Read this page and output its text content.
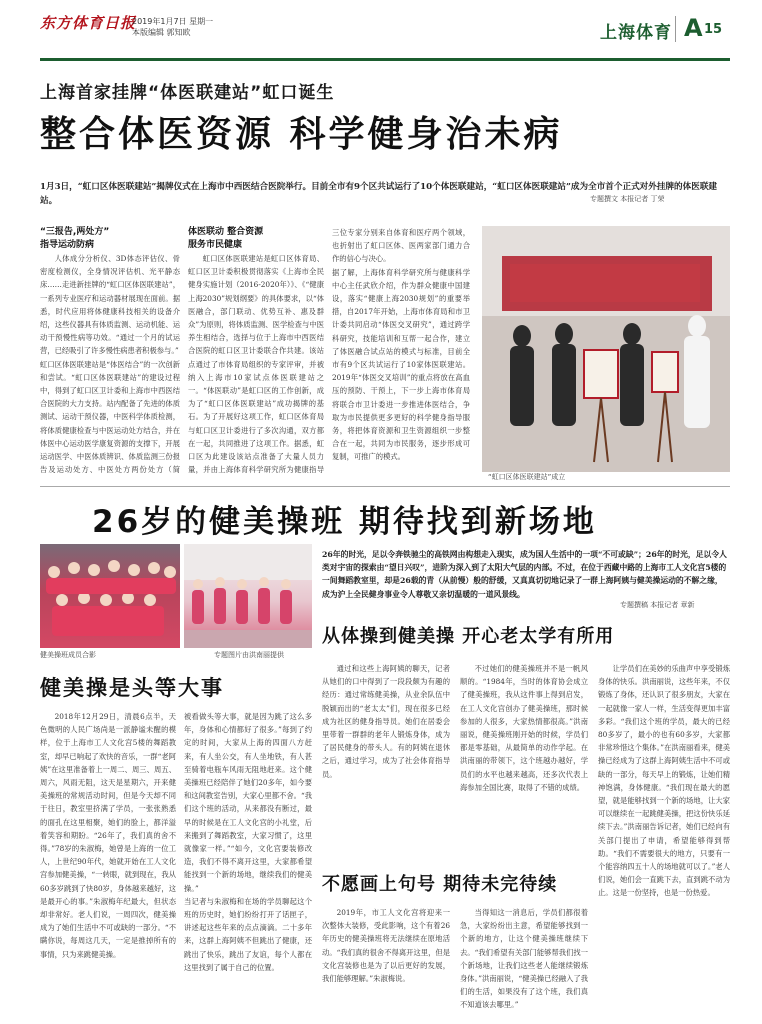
东方体育日报
2019年1月7日 星期一
本版编辑 郭知欧	上海体育 A 15
上海首家挂牌“体医联建站”虹口诞生
整合体医资源 科学健身治未病
1月3日，“虹口区体医联建站”揭牌仪式在上海市中西医结合医院举行。目前全市有9个区共试运行了10个体医联建站，“虹口区体医联建站”成为全市首个正式对外挂牌的体医联建站。	专题撰文 本报记者 丁荣
“三报告,两处方”
指导运动防病
人体成分分析仪、3D体态评估仪、骨密度检测仪，全身情况评估机、光平静态床……走进新挂牌的“虹口区体医联建站”，一系列专业医疗和运动器材展现在面前。据悉，时代应用将体健康科技相关的设备介绍，这些仪器具有体质监测、运动机能、运动干预慢性病等功效。“通过一个月的试运营，已经吸引了许多慢性病患者积极参与。”
虹口区体医联建站是“体医结合”的一次创新和尝试。“虹口区体医联建站”的建设过程中，得到了虹口区卫计委和上海市中西医结合医院的大力支持。站内配备了先进的体质测试、运动干预仪器，中医科学体质检测，将体质健康检查与中医运动处方结合，并在体医中心运动医学康复资源的支撑下，开展运动医学、中医体质辨识、体质监测三份报告及运动处方、中医处方两份处方（简
体医联动 整合资源
服务市民健康
虹口区体医联建站是虹口区体育局、虹口区卫计委积极贯彻落实《上海市全民健身实施计划（2016-2020年）》、《“健康上海2030”规划纲要》的具体要求，以“体医融合，部门联动、优势互补、惠及群众”为原则，将体质监测、医学检查与中医养生相结合，选择与位于上海市中西医结合医院的虹口区卫计委联合作共建。该站点通过了市体育局组织的专家评审，并被纳入上海市10家试点体医联建站之一。“体医联动”是虹口区的工作创新，成为了“虹口区体医联建站”成功揭牌的基石。为了开展好这项工作，虹口区体育局与虹口区卫计委进行了多次沟通，双方都在一起，共同推进了这项工作。据悉，虹口区为此建设该站点准备了大量人员力量，并由上海体育科学研究所为健康指导
三位专家分别来自体育和医疗两个领域，也折射出了虹口区体、医两家部门通力合作的信心与决心。
据了解，上海体育科学研究所与健康科学中心主任武欣介绍，作为群众健康中国建设，落实“健康上海2030规划”的重要举措，自2017年开始，上海市体育局和市卫计委共同启动“体医交叉研究”，通过跨学科研究，技能培训和互帮一起合作，建立了体医融合试点站的模式与标准，目前全市有9个区共试运行了10家体医联建站。2019年“体医交叉培训”的重点将放在高血压的预防、干预上，下一步上海市体育局将联合市卫计委进一步推进体医结合，争取为市民提供更多更好的科学健身指导服务，将把体育资源和卫生资源组织一步整合在一起，共同为市民服务，逐步形成可复制，可推广的模式。
“虹口区体医联建站”成立
26岁的健美操班 期待找到新场地
健美操班成员合影	专题图片由洪南丽提供
26年的时光，足以令奔铁驰尘的高铁网由构想走入现实，成为国人生活中的一项“不可或缺”；26年的时光，足以令人类对宇宙的探索由“望日兴叹”，进阶为深入到了太阳大气层的内部。不过，在位于西藏中路的上海市工人文化宫5楼的一间舞蹈教室里，却是26载的青（从前慢）般的舒缓，又真真切切地记录了一群上海阿姨与健美操运动的不解之缘，成为沪上全民健身事业令人尊敬又亲切温暖的一道风景线。
专题撰稿 本报记者 章新
从体操到健美操 开心老太学有所用
健美操是头等大事
2018年12月29日，清晨6点半，天色微明的人民广场尚是一派静谧未醒的模样，位于上海市工人文化宫5楼的舞蹈教室，却早已响起了欢快的音乐，一群“老阿姨”在这里准备着上一周二、周三、周五、周六，风雨无阻，这天是星期六，开来健美操班的常规活动时间，但是今天却不同于往日，教室里挤满了学员，一张张熟悉的面孔在这里相聚，她们的脸上，都洋溢着笑容和期盼。“26年了，我们真的舍不得。”78岁的朱淑梅，她曾是上海的一位工人，上世纪90年代，她就开始在工人文化宫参加健美操，“一转眼，就到现在，我从60多岁跳到了快80岁，身体越来越好，这是最开心的事。”朱淑梅年纪最大，但状态却非常好。老人们说，一周四次，健美操成为了她们生活中不可或缺的一部分。“不瞒你说，每周这几天，一定是推掉所有的事情，只为来跳健美操。
被看做头等大事，就是因为跳了这么多年，身体和心情都好了很多。”每到了约定的时间，大家从上海的四面八方赶来，有人坐公交，有人坐地铁，有人甚至骑着电瓶车风雨无阻地赶来。这个健美操班已经陪伴了她们20多年，如今要和这间教室告别，大家心里都不舍。“我们这个班的活动，从来都没有断过，最早的时候是在工人文化宫的小礼堂，后来搬到了舞蹈教室，大家习惯了，这里就像家一样。”“如今，文化宫要装修改造，我们不得不离开这里，大家都希望能找到一个新的场地，继续我们的健美操。”
当记者与朱淑梅和在场的学员聊起这个班的历史时，她们纷纷打开了话匣子，讲述起这些年来的点点滴滴。二十多年来，这群上海阿姨不但跳出了健康，还跳出了快乐，跳出了友谊，每个人都在这里找到了属于自己的位置。
通过和这些上海阿姨的聊天，记者从她们的口中得到了一段段颇为有趣的经历：通过常练健美操，从业余队伍中脱颖而出的“老太太”们，现在很多已经成为社区的健身指导员。她们在居委会里带着一群群的老年人锻炼身体，成为了居民健身的带头人。有的阿姨在退休之后，通过学习，成为了社会体育指导员。
不过她们的健美操班并不是一帆风顺的。“1984年，当时的体育协会成立了健美操班，我从这件事上得到启发，在工人文化宫创办了健美操班，那时候参加的人很多，大家热情都很高。”洪南丽说，健美操班刚开始的时候，学员们都是零基础，从最简单的动作学起。在洪南丽的带领下，这个班越办越好，学员们的水平也越来越高，还多次代表上海参加全国比赛，取得了不错的成绩。
让学员们在美妙的乐曲声中享受锻炼身体的快乐。洪南丽说，这些年来，不仅锻炼了身体，还认识了很多朋友，大家在一起就像一家人一样，生活变得更加丰富多彩。“我们这个班的学员，最大的已经80多岁了，最小的也有60多岁，大家都非常珍惜这个集体。”在洪南丽看来，健美操已经成为了这群上海阿姨生活中不可或缺的一部分，每天早上的锻炼，让她们精神饱满，身体健康。“我们现在最大的愿望，就是能够找到一个新的场地，让大家可以继续在一起跳健美操，把这份快乐延续下去。”洪南丽告诉记者，她们已经向有关部门提出了申请，希望能够得到帮助。“我们不需要很大的地方，只要有一个能容纳四五十人的场地就可以了。”老人们说，她们会一直跳下去，直到跳不动为止。这是一份坚持，也是一份热爱。
不愿画上句号 期待未完待续
2019年，市工人文化宫将迎来一次整体大装修，受此影响，这个有着26年历史的健美操班将无法继续在原地活动。“我们真的很舍不得离开这里，但是文化宫装修也是为了以后更好的发展，我们能够理解。”朱淑梅说。
当得知这一消息后，学员们都很着急，大家纷纷出主意，希望能够找到一个新的地方，让这个健美操班继续下去。“我们希望有关部门能够帮我们找一个新场地，让我们这些老人能继续锻炼身体。”洪南丽说，“健美操已经融入了我们的生活，如果没有了这个班，我们真不知道该去哪里。”
